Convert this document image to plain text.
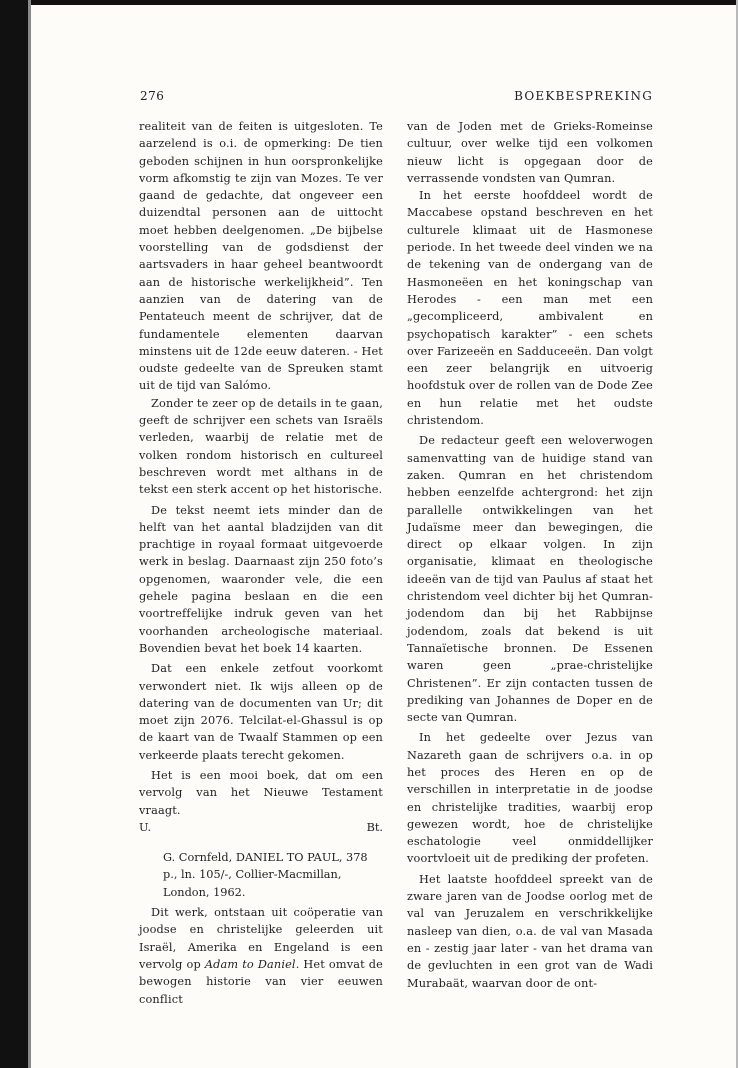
276	BOEKBESPREKING

realiteit van de feiten is uitgesloten. Te aarzelend is o.i. de opmerking: De tien geboden schijnen in hun oorspronkelijke vorm afkomstig te zijn van Mozes. Te ver gaand de gedachte, dat ongeveer een duizendtal personen aan de uittocht moet hebben deelgenomen. „De bijbelse voorstelling van de godsdienst der aartsvaders in haar geheel beantwoordt aan de historische werkelijkheid”. Ten aanzien van de datering van de Pentateuch meent de schrijver, dat de fundamentele elementen daarvan minstens uit de 12de eeuw dateren. - Het oudste gedeelte van de Spreuken stamt uit de tijd van Salómo.

Zonder te zeer op de details in te gaan, geeft de schrijver een schets van Israëls verleden, waarbij de relatie met de volken rondom historisch en cultureel beschreven wordt met althans in de tekst een sterk accent op het historische.

De tekst neemt iets minder dan de helft van het aantal bladzijden van dit prachtige in royaal formaat uitgevoerde werk in beslag. Daarnaast zijn 250 foto’s opgenomen, waaronder vele, die een gehele pagina beslaan en die een voortreffelijke indruk geven van het voorhanden archeologische materiaal. Bovendien bevat het boek 14 kaarten.

Dat een enkele zetfout voorkomt verwondert niet. Ik wijs alleen op de datering van de documenten van Ur; dit moet zijn 2076. Telcilat-el-Ghassul is op de kaart van de Twaalf Stammen op een verkeerde plaats terecht gekomen.

Het is een mooi boek, dat om een vervolg van het Nieuwe Testament vraagt.

U.	Bt.
G. Cornfeld, DANIEL TO PAUL, 378 p., ln. 105/-, Collier-Macmillan, London, 1962.

Dit werk, ontstaan uit coöperatie van joodse en christelijke geleerden uit Israël, Amerika en Engeland is een vervolg op Adam to Daniel. Het omvat de bewogen historie van vier eeuwen conflict

van de Joden met de Grieks-Romeinse cultuur, over welke tijd een volkomen nieuw licht is opgegaan door de verrassende vondsten van Qumran.

In het eerste hoofddeel wordt de Maccabese opstand beschreven en het culturele klimaat uit de Hasmonese periode. In het tweede deel vinden we na de tekening van de ondergang van de Hasmoneëen en het koningschap van Herodes - een man met een „gecompliceerd, ambivalent en psychopatisch karakter” - een schets over Farizeeën en Sadduceeën. Dan volgt een zeer belangrijk en uitvoerig hoofdstuk over de rollen van de Dode Zee en hun relatie met het oudste christendom.

De redacteur geeft een weloverwogen samenvatting van de huidige stand van zaken. Qumran en het christendom hebben eenzelfde achtergrond: het zijn parallelle ontwikkelingen van het Judaïsme meer dan bewegingen, die direct op elkaar volgen. In zijn organisatie, klimaat en theologische ideeën van de tijd van Paulus af staat het christendom veel dichter bij het Qumran-jodendom dan bij het Rabbijnse jodendom, zoals dat bekend is uit Tannaïetische bronnen. De Essenen waren geen „prae-christelijke Christenen”. Er zijn contacten tussen de prediking van Johannes de Doper en de secte van Qumran.

In het gedeelte over Jezus van Nazareth gaan de schrijvers o.a. in op het proces des Heren en op de verschillen in interpretatie in de joodse en christelijke tradities, waarbij erop gewezen wordt, hoe de christelijke eschatologie veel onmiddellijker voortvloeit uit de prediking der profeten.

Het laatste hoofddeel spreekt van de zware jaren van de Joodse oorlog met de val van Jeruzalem en verschrikkelijke nasleep van dien, o.a. de val van Masada en - zestig jaar later - van het drama van de gevluchten in een grot van de Wadi Murabaät, waarvan door de ont-
